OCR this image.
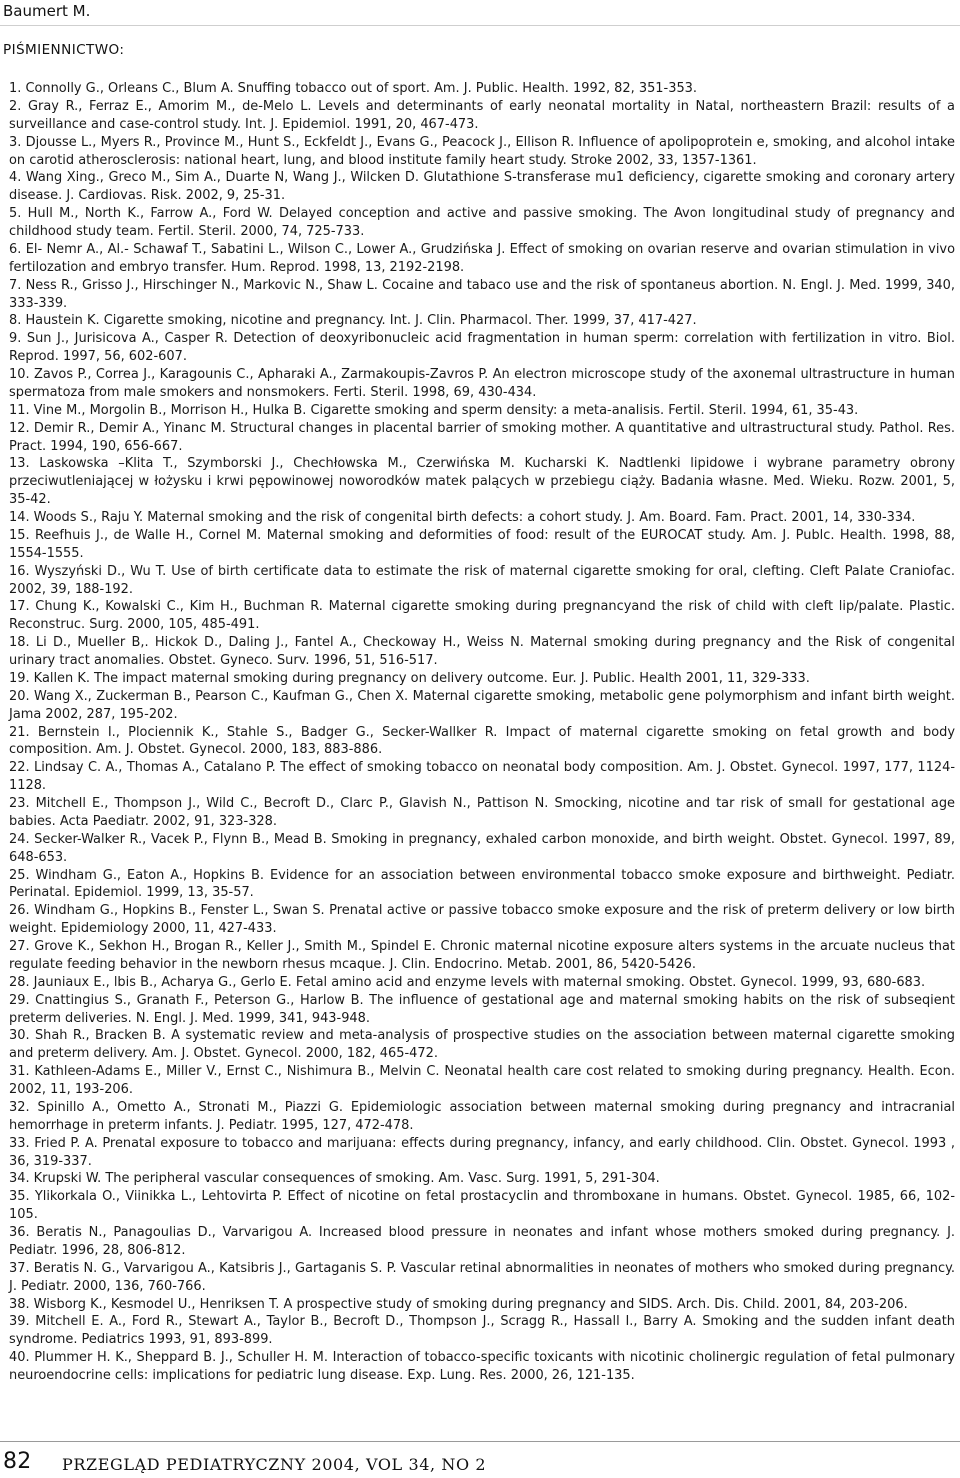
Baumert M.
PIŚMIENNICTWO:
1. Connolly G., Orleans C., Blum A. Snuffing tobacco out of sport. Am. J. Public. Health. 1992, 82, 351-353.
2. Gray R., Ferraz E., Amorim M., de-Melo L. Levels and determinants of early neonatal mortality in Natal, northeastern Brazil: results of a surveillance and case-control study. Int. J. Epidemiol. 1991, 20, 467-473.
3. Djousse L., Myers R., Province M., Hunt S., Eckfeldt J., Evans G., Peacock J., Ellison R. Influence of apolipoprotein e, smoking, and alcohol intake on carotid atherosclerosis: national heart, lung, and blood institute family heart study. Stroke 2002, 33, 1357-1361.
4. Wang Xing., Greco M., Sim A., Duarte N, Wang J., Wilcken D. Glutathione S-transferase mu1 deficiency, cigarette smoking and coronary artery disease. J. Cardiovas. Risk. 2002, 9, 25-31.
5. Hull M., North K., Farrow A., Ford W. Delayed conception and active and passive smoking. The Avon longitudinal study of pregnancy and childhood study team. Fertil. Steril. 2000, 74, 725-733.
6. El- Nemr A., Al.- Schawaf T., Sabatini L., Wilson C., Lower A., Grudzińska J. Effect of smoking on ovarian reserve and ovarian stimulation in vivo fertilozation and embryo transfer. Hum. Reprod. 1998, 13, 2192-2198.
7. Ness R., Grisso J., Hirschinger N., Markovic N., Shaw L. Cocaine and tabaco use and the risk of spontaneus abortion. N. Engl. J. Med. 1999, 340, 333-339.
8. Haustein K. Cigarette smoking, nicotine and pregnancy. Int. J. Clin. Pharmacol. Ther. 1999, 37, 417-427.
9. Sun J., Jurisicova A., Casper R. Detection of deoxyribonucleic acid fragmentation in human sperm: correlation with fertilization in vitro. Biol. Reprod. 1997, 56, 602-607.
10. Zavos P., Correa J., Karagounis C., Apharaki A., Zarmakoupis-Zavros P. An electron microscope study of the axonemal ultrastructure in human spermatoza from male smokers and nonsmokers. Ferti. Steril. 1998, 69, 430-434.
11. Vine M., Morgolin B., Morrison H., Hulka B. Cigarette smoking and sperm density: a meta-analisis. Fertil. Steril. 1994, 61, 35-43.
12. Demir R., Demir A., Yinanc M. Structural changes in placental barrier of smoking mother. A quantitative and ultrastructural study. Pathol. Res. Pract. 1994, 190, 656-667.
13. Laskowska –Klita T., Szymborski J., Chechłowska M., Czerwińska M. Kucharski K. Nadtlenki lipidowe i wybrane parametry obrony przeciwutleniającej w łożysku i krwi pępowinowej noworodków matek palących w przebiegu ciąży. Badania własne. Med. Wieku. Rozw. 2001, 5, 35-42.
14. Woods S., Raju Y. Maternal smoking and the risk of congenital birth defects: a cohort study. J. Am. Board. Fam. Pract. 2001, 14, 330-334.
15. Reefhuis J., de Walle H., Cornel M. Maternal smoking and deformities of food: result of the EUROCAT study. Am. J. Publc. Health. 1998, 88, 1554-1555.
16. Wyszyński D., Wu T. Use of birth certificate data to estimate the risk of maternal cigarette smoking for oral, clefting. Cleft Palate Craniofac. 2002, 39, 188-192.
17. Chung K., Kowalski C., Kim H., Buchman R. Maternal cigarette smoking during pregnancyand the risk of child with cleft lip/palate. Plastic. Reconstruc. Surg. 2000, 105, 485-491.
18. Li D., Mueller B,. Hickok D., Daling J., Fantel A., Checkoway H., Weiss N. Maternal smoking during pregnancy and the Risk of congenital urinary tract anomalies. Obstet. Gyneco. Surv. 1996, 51, 516-517.
19. Kallen K. The impact maternal smoking during pregnancy on delivery outcome. Eur. J. Public. Health 2001, 11, 329-333.
20. Wang X., Zuckerman B., Pearson C., Kaufman G., Chen X. Maternal cigarette smoking, metabolic gene polymorphism and infant birth weight. Jama 2002, 287, 195-202.
21. Bernstein I., Plociennik K., Stahle S., Badger G., Secker-Wallker R. Impact of maternal cigarette smoking on fetal growth and body composition. Am. J. Obstet. Gynecol. 2000, 183, 883-886.
22. Lindsay C. A., Thomas A., Catalano P. The effect of smoking tobacco on neonatal body composition. Am. J. Obstet. Gynecol. 1997, 177, 1124-1128.
23. Mitchell E., Thompson J., Wild C., Becroft D., Clarc P., Glavish N., Pattison N. Smocking, nicotine and tar risk of small for gestational age babies. Acta Paediatr. 2002, 91, 323-328.
24. Secker-Walker R., Vacek P., Flynn B., Mead B. Smoking in pregnancy, exhaled carbon monoxide, and birth weight. Obstet. Gynecol. 1997, 89, 648-653.
25. Windham G., Eaton A., Hopkins B. Evidence for an association between environmental tobacco smoke exposure and birthweight. Pediatr. Perinatal. Epidemiol. 1999, 13, 35-57.
26. Windham G., Hopkins B., Fenster L., Swan S. Prenatal active or passive tobacco smoke exposure and the risk of preterm delivery or low birth weight. Epidemiology 2000, 11, 427-433.
27. Grove K., Sekhon H., Brogan R., Keller J., Smith M., Spindel E. Chronic maternal nicotine exposure alters systems in the arcuate nucleus that regulate feeding behavior in the newborn rhesus mcaque. J. Clin. Endocrino. Metab. 2001, 86, 5420-5426.
28. Jauniaux E., lbis B., Acharya G., Gerlo E. Fetal amino acid and enzyme levels with maternal smoking. Obstet. Gynecol. 1999, 93, 680-683.
29. Cnattingius S., Granath F., Peterson G., Harlow B. The influence of gestational age and maternal smoking habits on the risk of subseqient preterm deliveries. N. Engl. J. Med. 1999, 341, 943-948.
30. Shah R., Bracken B. A systematic review and meta-analysis of prospective studies on the association between maternal cigarette smoking and preterm delivery. Am. J. Obstet. Gynecol. 2000, 182, 465-472.
31. Kathleen-Adams E., Miller V., Ernst C., Nishimura B., Melvin C. Neonatal health care cost related to smoking during pregnancy. Health. Econ. 2002, 11, 193-206.
32. Spinillo A., Ometto A., Stronati M., Piazzi G. Epidemiologic association between maternal smoking during pregnancy and intracranial hemorrhage in preterm infants. J. Pediatr. 1995, 127, 472-478.
33. Fried P. A. Prenatal exposure to tobacco and marijuana: effects during pregnancy, infancy, and early childhood. Clin. Obstet. Gynecol. 1993 , 36, 319-337.
34. Krupski W. The peripheral vascular consequences of smoking. Am. Vasc. Surg. 1991, 5, 291-304.
35. Ylikorkala O., Viinikka L., Lehtovirta P. Effect of nicotine on fetal prostacyclin and thromboxane in humans. Obstet. Gynecol. 1985, 66, 102-105.
36. Beratis N., Panagoulias D., Varvarigou A. Increased blood pressure in neonates and infant whose mothers smoked during pregnancy. J. Pediatr. 1996, 28, 806-812.
37. Beratis N. G., Varvarigou A., Katsibris J., Gartaganis S. P. Vascular retinal abnormalities in neonates of mothers who smoked during pregnancy. J. Pediatr. 2000, 136, 760-766.
38. Wisborg K., Kesmodel U., Henriksen T. A prospective study of smoking during pregnancy and SIDS. Arch. Dis. Child. 2001, 84, 203-206.
39. Mitchell E. A., Ford R., Stewart A., Taylor B., Becroft D., Thompson J., Scragg R., Hassall I., Barry A. Smoking and the sudden infant death syndrome. Pediatrics 1993, 91, 893-899.
40. Plummer H. K., Sheppard B. J., Schuller H. M. Interaction of tobacco-specific toxicants with nicotinic cholinergic regulation of fetal pulmonary neuroendocrine cells: implications for pediatric lung disease. Exp. Lung. Res. 2000, 26, 121-135.
82 PRZEGLĄD PEDIATRYCZNY 2004, VOL 34, NO 2
